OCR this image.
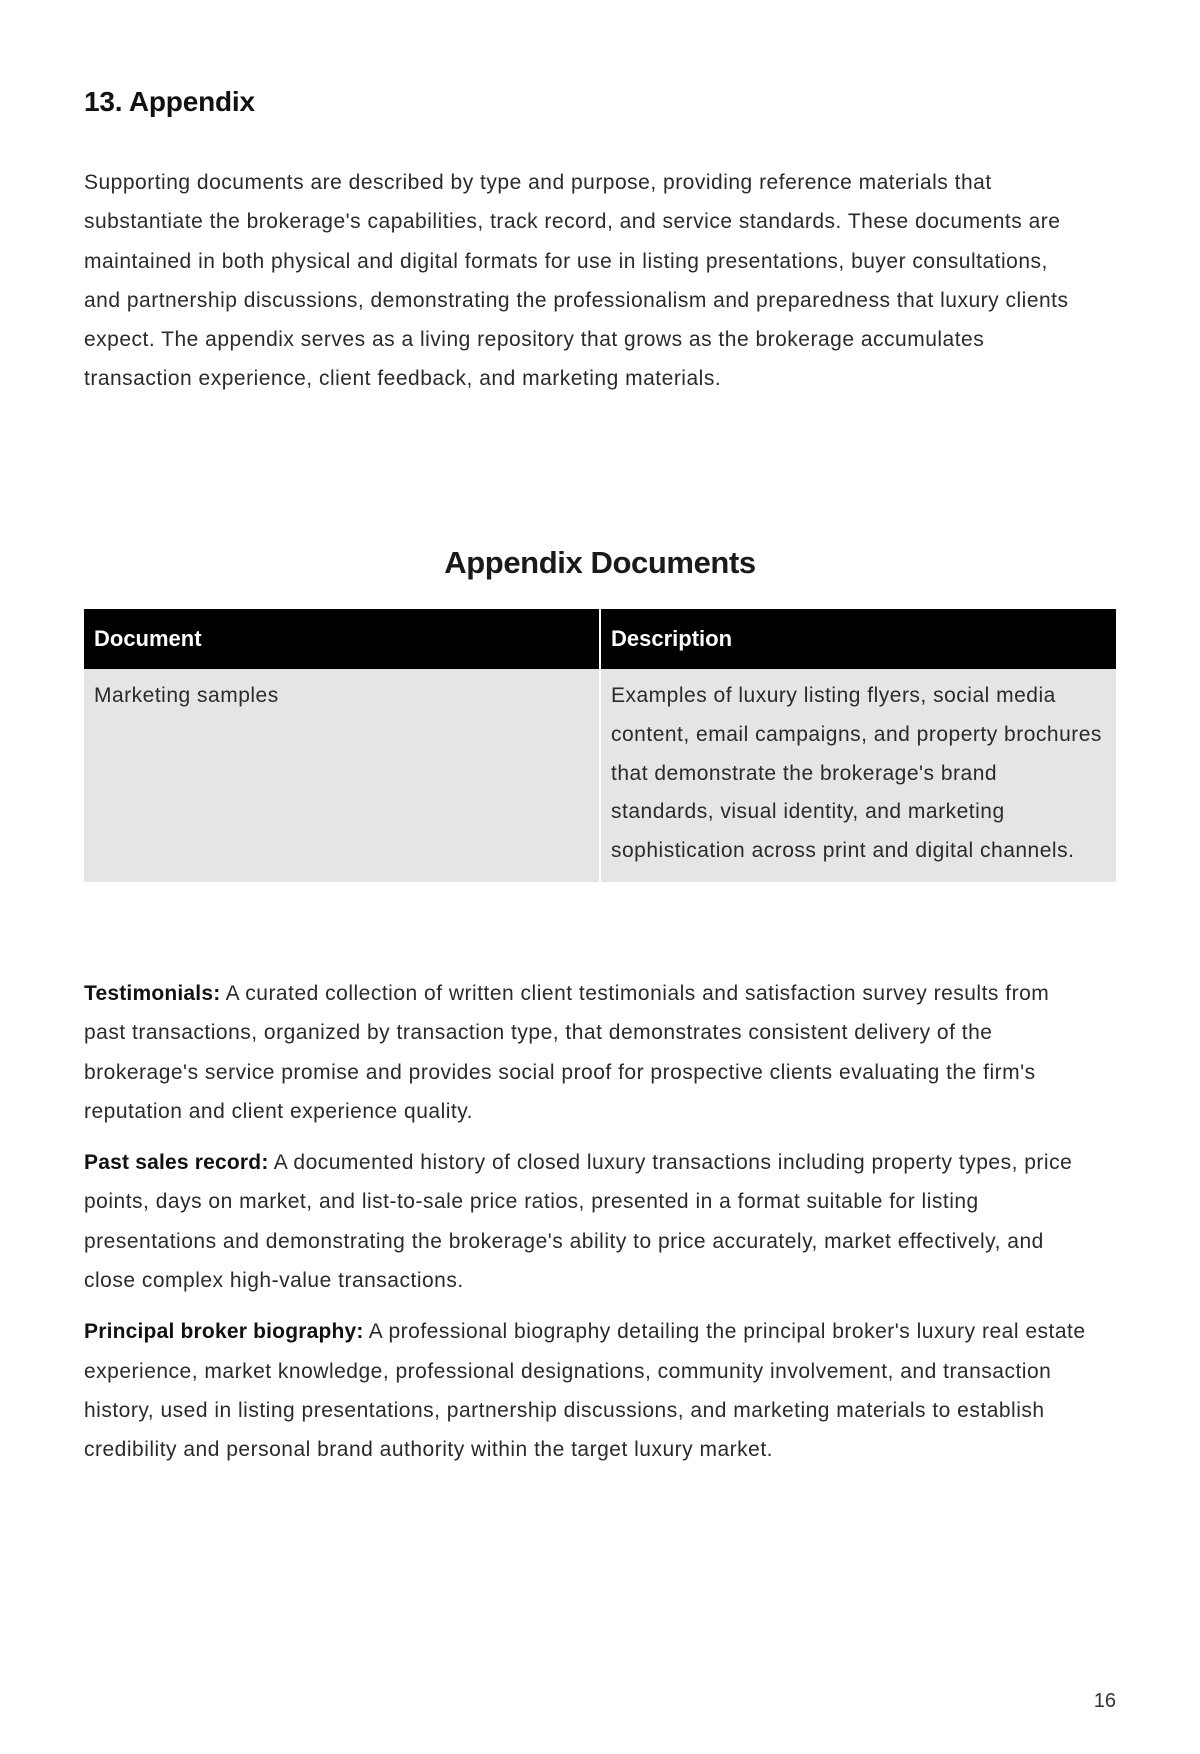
13. Appendix

Supporting documents are described by type and purpose, providing reference materials that substantiate the brokerage's capabilities, track record, and service standards. These documents are maintained in both physical and digital formats for use in listing presentations, buyer consultations, and partnership discussions, demonstrating the professionalism and preparedness that luxury clients expect. The appendix serves as a living repository that grows as the brokerage accumulates transaction experience, client feedback, and marketing materials.

Appendix Documents
Document	Description
Marketing samples	Examples of luxury listing flyers, social media content, email campaigns, and property brochures that demonstrate the brokerage's brand standards, visual identity, and marketing sophistication across print and digital channels.

Testimonials: A curated collection of written client testimonials and satisfaction survey results from past transactions, organized by transaction type, that demonstrates consistent delivery of the brokerage's service promise and provides social proof for prospective clients evaluating the firm's reputation and client experience quality.

Past sales record: A documented history of closed luxury transactions including property types, price points, days on market, and list-to-sale price ratios, presented in a format suitable for listing presentations and demonstrating the brokerage's ability to price accurately, market effectively, and close complex high-value transactions.

Principal broker biography: A professional biography detailing the principal broker's luxury real estate experience, market knowledge, professional designations, community involvement, and transaction history, used in listing presentations, partnership discussions, and marketing materials to establish credibility and personal brand authority within the target luxury market.

16
